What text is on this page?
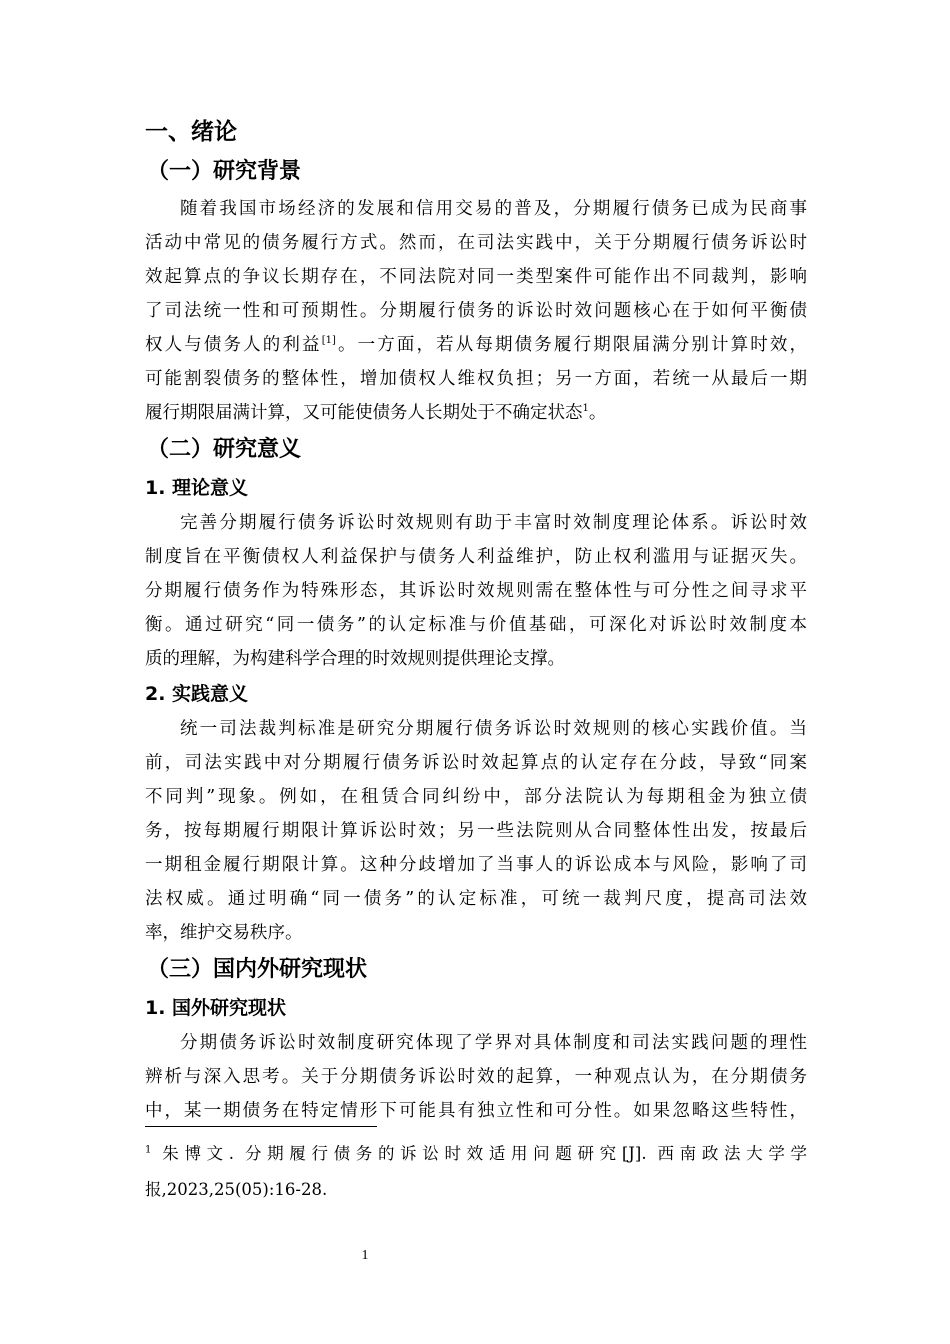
一、绪论
（一）研究背景
随着我国市场经济的发展和信用交易的普及，分期履行债务已成为民商事
活动中常见的债务履行方式。然而，在司法实践中，关于分期履行债务诉讼时
效起算点的争议长期存在，不同法院对同一类型案件可能作出不同裁判，影响
了司法统一性和可预期性。分期履行债务的诉讼时效问题核心在于如何平衡债
权人与债务人的利益[1]。一方面，若从每期债务履行期限届满分别计算时效，
可能割裂债务的整体性，增加债权人维权负担；另一方面，若统一从最后一期
履行期限届满计算，又可能使债务人长期处于不确定状态$^1$。
（二）研究意义
1. 理论意义
完善分期履行债务诉讼时效规则有助于丰富时效制度理论体系。诉讼时效
制度旨在平衡债权人利益保护与债务人利益维护，防止权利滥用与证据灭失。
分期履行债务作为特殊形态，其诉讼时效规则需在整体性与可分性之间寻求平
衡。通过研究“同一债务”的认定标准与价值基础，可深化对诉讼时效制度本
质的理解，为构建科学合理的时效规则提供理论支撑。
2. 实践意义
统一司法裁判标准是研究分期履行债务诉讼时效规则的核心实践价值。当
前，司法实践中对分期履行债务诉讼时效起算点的认定存在分歧，导致“同案
不同判”现象。例如，在租赁合同纠纷中，部分法院认为每期租金为独立债
务，按每期履行期限计算诉讼时效；另一些法院则从合同整体性出发，按最后
一期租金履行期限计算。这种分歧增加了当事人的诉讼成本与风险，影响了司
法权威。通过明确“同一债务”的认定标准，可统一裁判尺度，提高司法效
率，维护交易秩序。
（三）国内外研究现状
1. 国外研究现状
分期债务诉讼时效制度研究体现了学界对具体制度和司法实践问题的理性
辨析与深入思考。关于分期债务诉讼时效的起算，一种观点认为，在分期债务
中，某一期债务在特定情形下可能具有独立性和可分性。如果忽略这些特性，
$^1$ 朱博文. 分期履行债务的诉讼时效适用问题研究[J]. 西南政法大学学
报,2023,25(05):16-28.
1
